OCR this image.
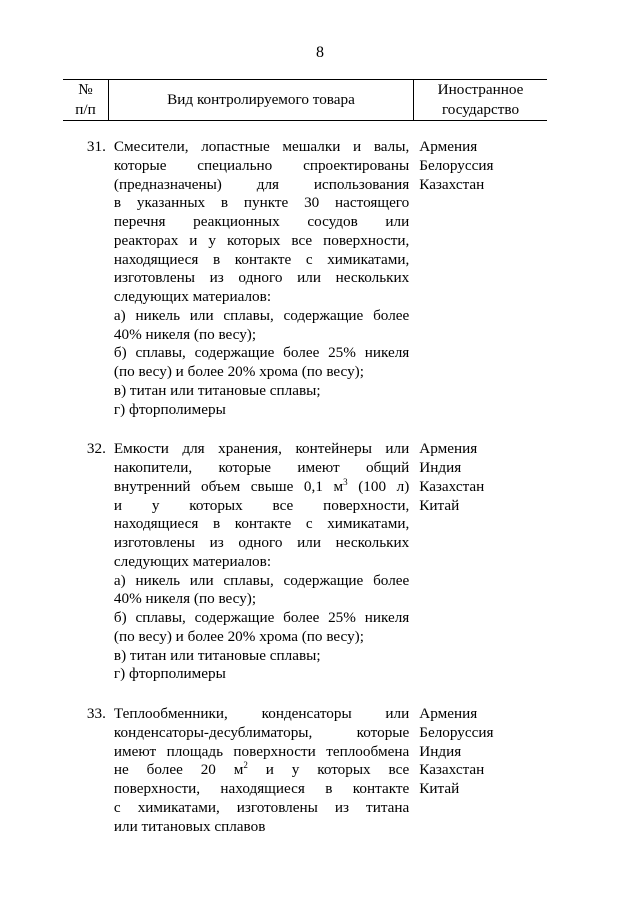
8
№
п/п
Вид контролируемого товара
Иностранное
государство
31. Смесители, лопастные мешалки и валы,
которые специально спроектированы
(предназначены) для использования
в указанных в пункте 30 настоящего
перечня реакционных сосудов или
реакторах и у которых все поверхности,
находящиеся в контакте с химикатами,
изготовлены из одного или нескольких
следующих материалов:
а) никель или сплавы, содержащие более
40% никеля (по весу);
б) сплавы, содержащие более 25% никеля
(по весу) и более 20% хрома (по весу);
в) титан или титановые сплавы;
г) фторполимеры
Армения
Белоруссия
Казахстан
32. Емкости для хранения, контейнеры или
накопители, которые имеют общий
внутренний объем свыше 0,1 $м^3$ (100 л)
и у которых все поверхности,
находящиеся в контакте с химикатами,
изготовлены из одного или нескольких
следующих материалов:
а) никель или сплавы, содержащие более
40% никеля (по весу);
б) сплавы, содержащие более 25% никеля
(по весу) и более 20% хрома (по весу);
в) титан или титановые сплавы;
г) фторполимеры
Армения
Индия
Казахстан
Китай
33. Теплообменники, конденсаторы или
конденсаторы-десублиматоры, которые
имеют площадь поверхности теплообмена
не более 20 $м^2$ и у которых все
поверхности, находящиеся в контакте
с химикатами, изготовлены из титана
или титановых сплавов
Армения
Белоруссия
Индия
Казахстан
Китай
